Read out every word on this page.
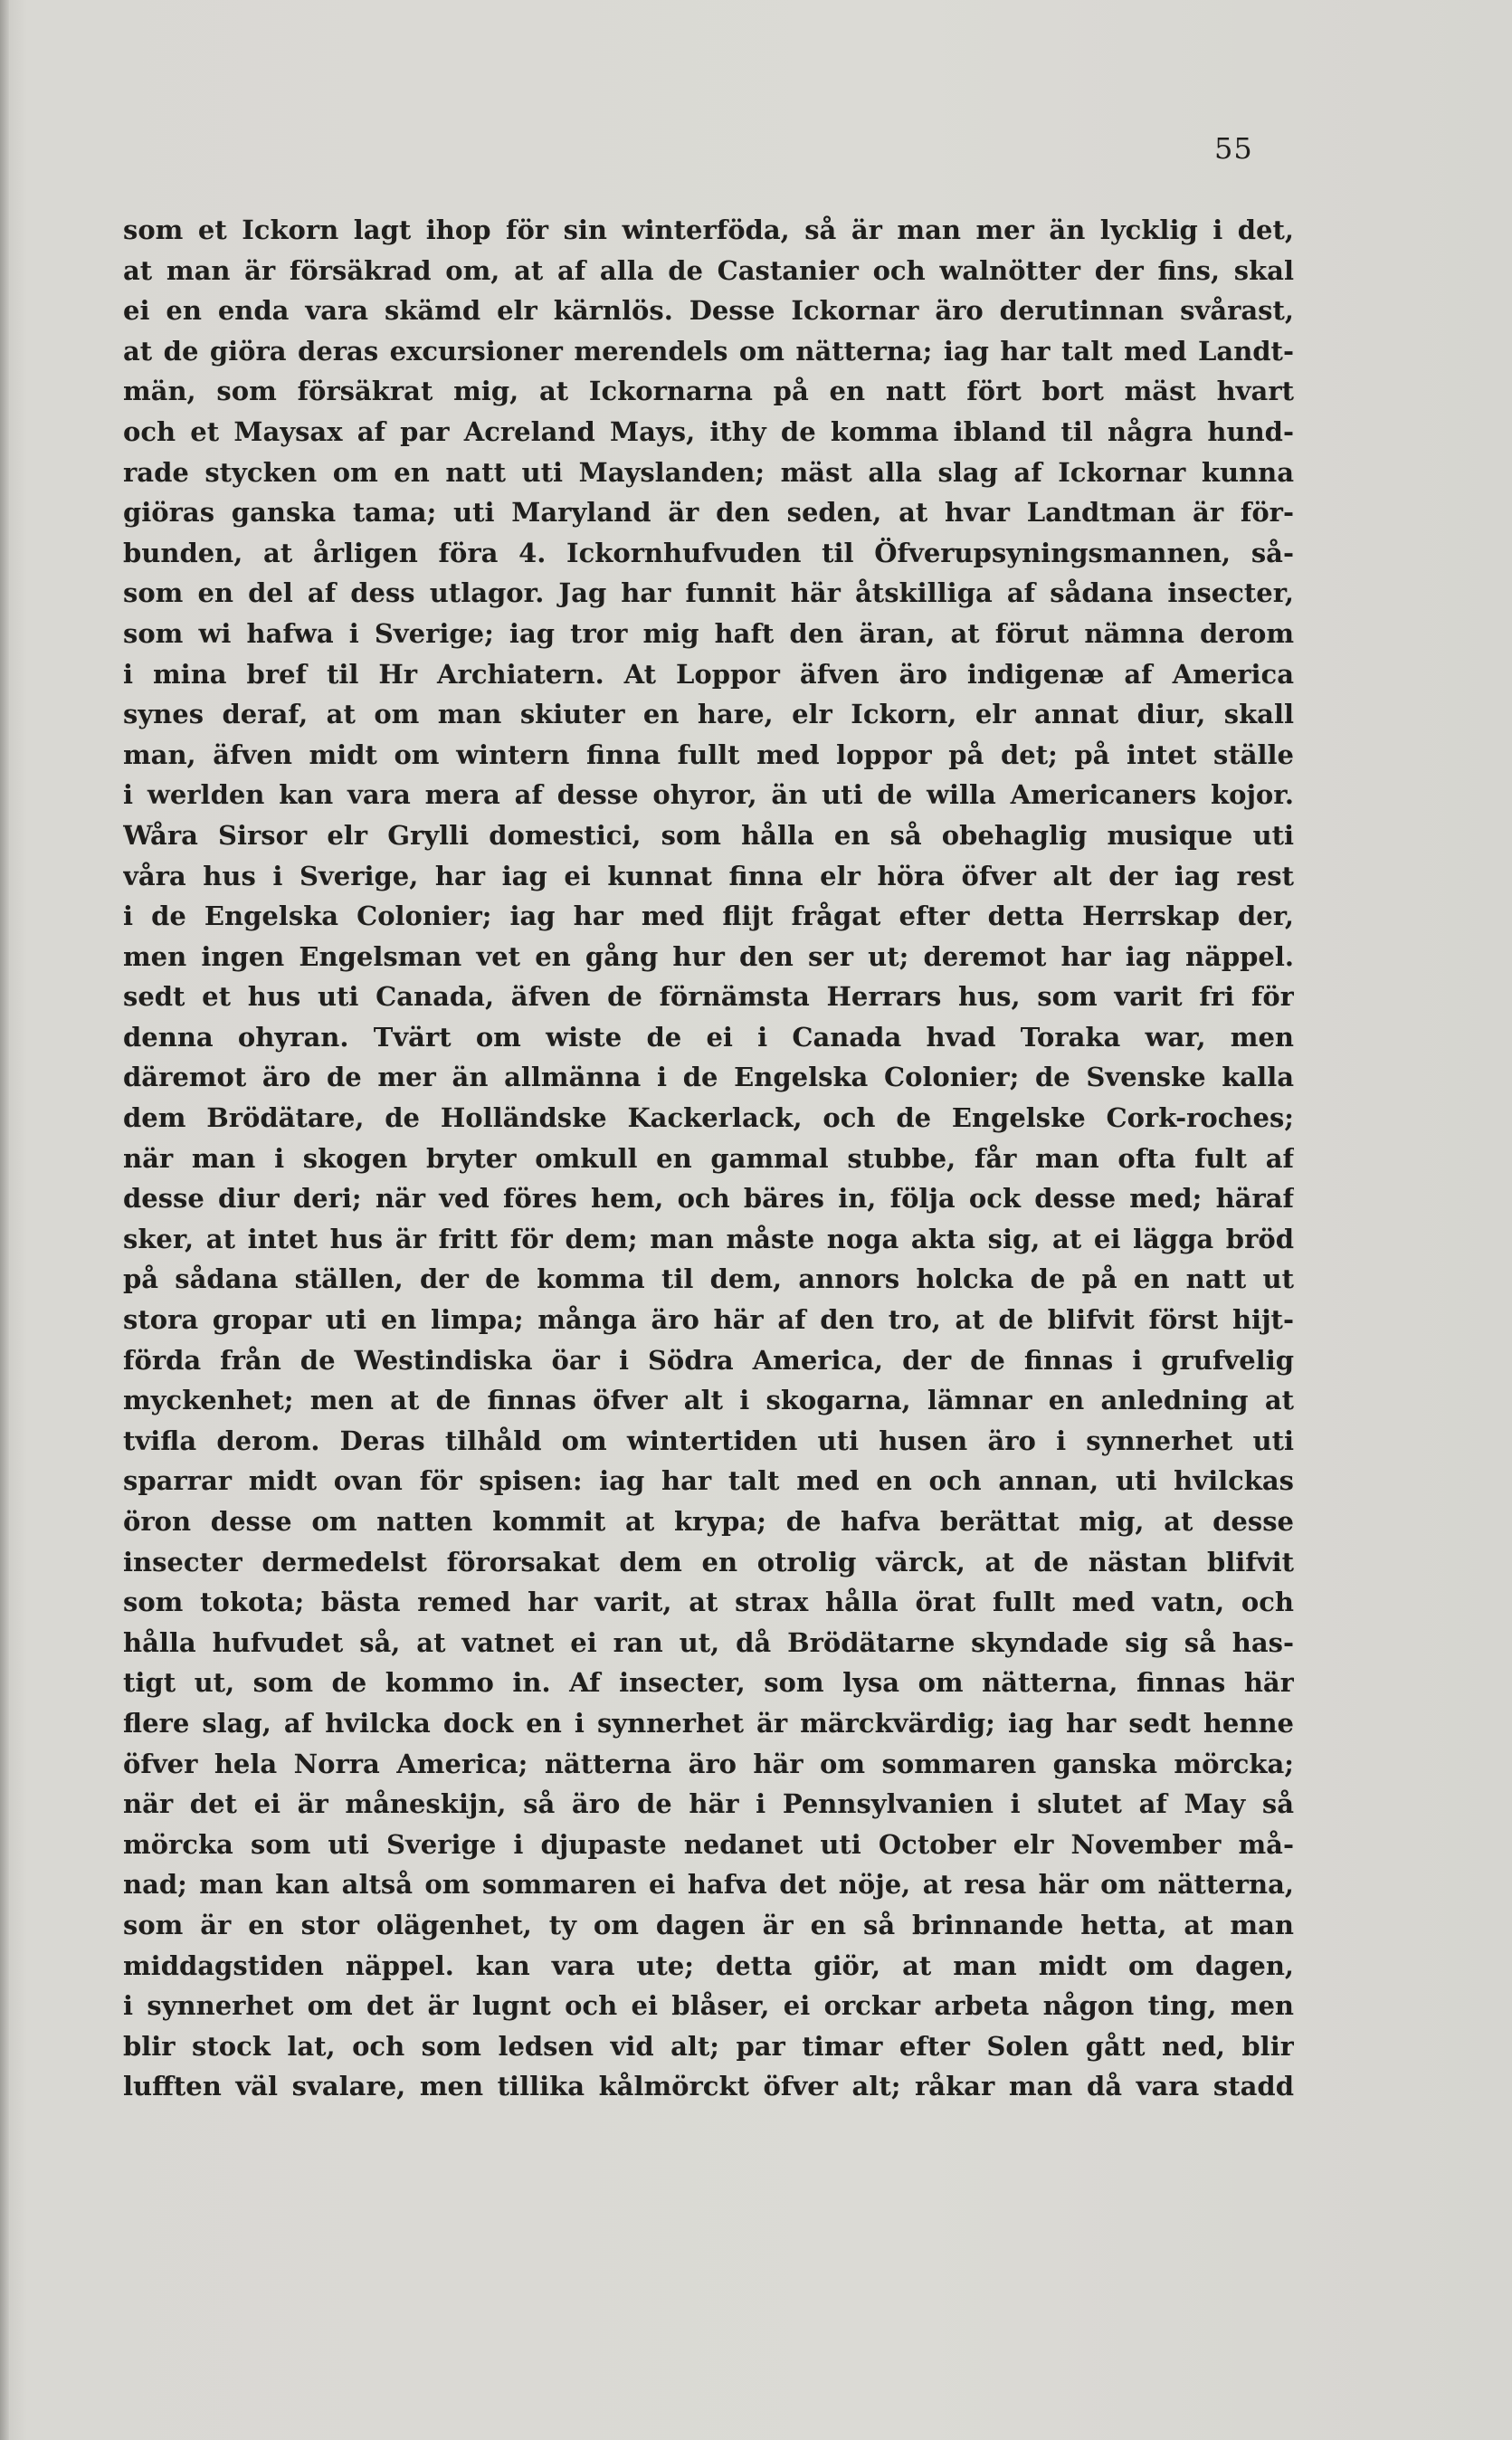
55
som et Ickorn lagt ihop för sin winterföda, så är man mer än lycklig i det,
at man är försäkrad om, at af alla de Castanier och walnötter der fins, skal
ei en enda vara skämd elr kärnlös. Desse Ickornar äro derutinnan svårast,
at de giöra deras excursioner merendels om nätterna; iag har talt med Landt-
män, som försäkrat mig, at Ickornarna på en natt fört bort mäst hvart
och et Maysax af par Acreland Mays, ithy de komma ibland til några hund-
rade stycken om en natt uti Mayslanden; mäst alla slag af Ickornar kunna
giöras ganska tama; uti Maryland är den seden, at hvar Landtman är för-
bunden, at årligen föra 4. Ickornhufvuden til Öfverupsyningsmannen, så-
som en del af dess utlagor. Jag har funnit här åtskilliga af sådana insecter,
som wi hafwa i Sverige; iag tror mig haft den äran, at förut nämna derom
i mina bref til Hr Archiatern. At Loppor äfven äro indigenæ af America
synes deraf, at om man skiuter en hare, elr Ickorn, elr annat diur, skall
man, äfven midt om wintern finna fullt med loppor på det; på intet ställe
i werlden kan vara mera af desse ohyror, än uti de willa Americaners kojor.
Wåra Sirsor elr Grylli domestici, som hålla en så obehaglig musique uti
våra hus i Sverige, har iag ei kunnat finna elr höra öfver alt der iag rest
i de Engelska Colonier; iag har med flijt frågat efter detta Herrskap der,
men ingen Engelsman vet en gång hur den ser ut; deremot har iag näppel.
sedt et hus uti Canada, äfven de förnämsta Herrars hus, som varit fri för
denna ohyran. Tvärt om wiste de ei i Canada hvad Toraka war, men
däremot äro de mer än allmänna i de Engelska Colonier; de Svenske kalla
dem Brödätare, de Holländske Kackerlack, och de Engelske Cork-roches;
när man i skogen bryter omkull en gammal stubbe, får man ofta fult af
desse diur deri; när ved föres hem, och bäres in, följa ock desse med; häraf
sker, at intet hus är fritt för dem; man måste noga akta sig, at ei lägga bröd
på sådana ställen, der de komma til dem, annors holcka de på en natt ut
stora gropar uti en limpa; många äro här af den tro, at de blifvit först hijt-
förda från de Westindiska öar i Södra America, der de finnas i grufvelig
myckenhet; men at de finnas öfver alt i skogarna, lämnar en anledning at
tvifla derom. Deras tilhåld om wintertiden uti husen äro i synnerhet uti
sparrar midt ovan för spisen: iag har talt med en och annan, uti hvilckas
öron desse om natten kommit at krypa; de hafva berättat mig, at desse
insecter dermedelst förorsakat dem en otrolig värck, at de nästan blifvit
som tokota; bästa remed har varit, at strax hålla örat fullt med vatn, och
hålla hufvudet så, at vatnet ei ran ut, då Brödätarne skyndade sig så has-
tigt ut, som de kommo in. Af insecter, som lysa om nätterna, finnas här
flere slag, af hvilcka dock en i synnerhet är märckvärdig; iag har sedt henne
öfver hela Norra America; nätterna äro här om sommaren ganska mörcka;
när det ei är måneskijn, så äro de här i Pennsylvanien i slutet af May så
mörcka som uti Sverige i djupaste nedanet uti October elr November må-
nad; man kan altså om sommaren ei hafva det nöje, at resa här om nätterna,
som är en stor olägenhet, ty om dagen är en så brinnande hetta, at man
middagstiden näppel. kan vara ute; detta giör, at man midt om dagen,
i synnerhet om det är lugnt och ei blåser, ei orckar arbeta någon ting, men
blir stock lat, och som ledsen vid alt; par timar efter Solen gått ned, blir
lufften väl svalare, men tillika kålmörckt öfver alt; råkar man då vara stadd
